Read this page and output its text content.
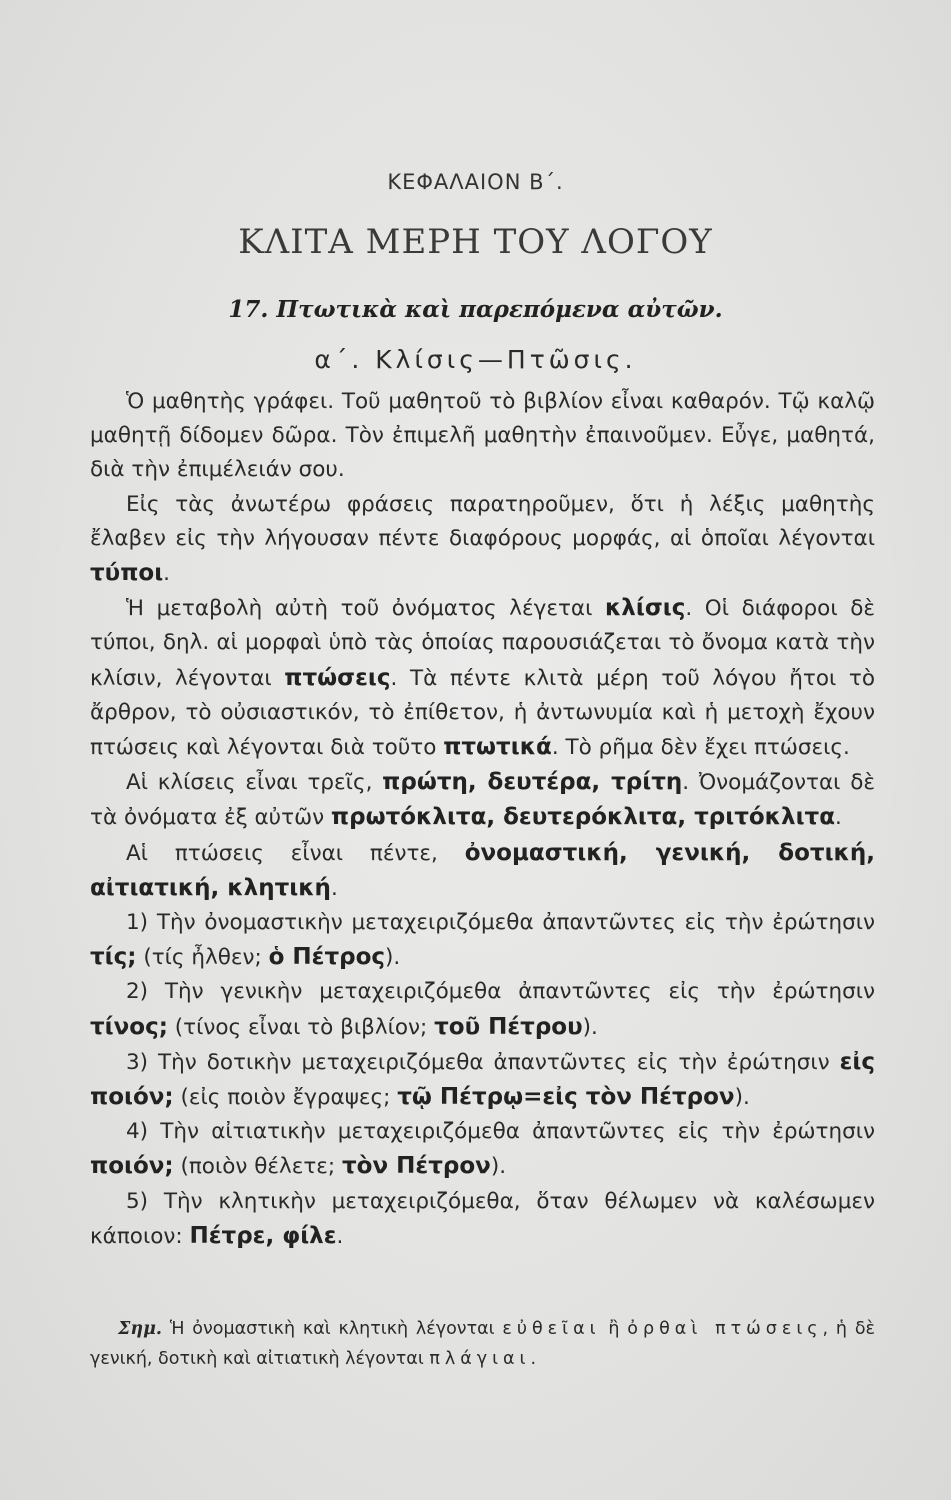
ΚΕΦΑΛΑΙΟΝ Β΄.
ΚΛΙΤΑ ΜΕΡΗ ΤΟΥ ΛΟΓΟΥ
17. Πτωτικὰ καὶ παρεπόμενα αὐτῶν.
α΄. Κλίσις—Πτῶσις.

Ὁ μαθητὴς γράφει. Τοῦ μαθητοῦ τὸ βιβλίον εἶναι καθαρόν. Τῷ καλῷ μαθητῇ δίδομεν δῶρα. Τὸν ἐπιμελῆ μαθητὴν ἐπαινοῦμεν. Εὖγε, μαθητά, διὰ τὴν ἐπιμέλειάν σου.

Εἰς τὰς ἀνωτέρω φράσεις παρατηροῦμεν, ὅτι ἡ λέξις μαθητὴς ἔλαβεν εἰς τὴν λήγουσαν πέντε διαφόρους μορφάς, αἱ ὁποῖαι λέγονται τύποι.

Ἡ μεταβολὴ αὐτὴ τοῦ ὀνόματος λέγεται κλίσις. Οἱ διάφοροι δὲ τύποι, δηλ. αἱ μορφαὶ ὑπὸ τὰς ὁποίας παρουσιάζεται τὸ ὄνομα κατὰ τὴν κλίσιν, λέγονται πτώσεις. Τὰ πέντε κλιτὰ μέρη τοῦ λόγου ἤτοι τὸ ἄρθρον, τὸ οὐσιαστικόν, τὸ ἐπίθετον, ἡ ἀντωνυμία καὶ ἡ μετοχὴ ἔχουν πτώσεις καὶ λέγονται διὰ τοῦτο πτωτικά. Τὸ ρῆμα δὲν ἔχει πτώσεις.

Αἱ κλίσεις εἶναι τρεῖς, πρώτη, δευτέρα, τρίτη. Ὀνομάζονται δὲ τὰ ὀνόματα ἐξ αὐτῶν πρωτόκλιτα, δευτερόκλιτα, τριτόκλιτα.

Αἱ πτώσεις εἶναι πέντε, ὀνομαστική, γενική, δοτική, αἰτιατική, κλητική.

1) Τὴν ὀνομαστικὴν μεταχειριζόμεθα ἀπαντῶντες εἰς τὴν ἐρώτησιν τίς; (τίς ἦλθεν; ὁ Πέτρος).

2) Τὴν γενικὴν μεταχειριζόμεθα ἀπαντῶντες εἰς τὴν ἐρώτησιν τίνος; (τίνος εἶναι τὸ βιβλίον; τοῦ Πέτρου).

3) Τὴν δοτικὴν μεταχειριζόμεθα ἀπαντῶντες εἰς τὴν ἐρώτησιν εἰς ποιόν; (εἰς ποιὸν ἔγραψες; τῷ Πέτρῳ=εἰς τὸν Πέτρον).

4) Τὴν αἰτιατικὴν μεταχειριζόμεθα ἀπαντῶντες εἰς τὴν ἐρώτησιν ποιόν; (ποιὸν θέλετε; τὸν Πέτρον).

5) Τὴν κλητικὴν μεταχειριζόμεθα, ὅταν θέλωμεν νὰ καλέσωμεν κάποιον: Πέτρε, φίλε.

Σημ. Ἡ ὀνομαστικὴ καὶ κλητικὴ λέγονται εὐθεῖαι ἢ ὀρθαὶ πτώσεις, ἡ δὲ γενική, δοτικὴ καὶ αἰτιατικὴ λέγονται πλάγιαι.
